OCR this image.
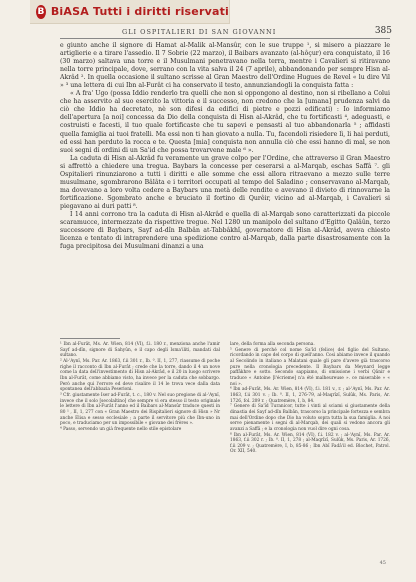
B BiASA Tutti i diritti riservati
GLI OSPITALIERI DI SAN GIOVANNI	385

e giunto anche il signore di Hamat al-Malik al-Mansûr, con le sue truppe ¹, si misero a piazzare le artiglierie e a tirare l'assedio. Il 7 Sobrie (22 marzo), il Baibars avanzato (al-hôçur) era conquistato, il 16 (30 marzo) saltava una torre e il Musulmani penetravano nella terra, mentre i Cavalieri si ritiravano nella torre principale, dove, serrano con la vita salva il 24 (7 aprile), abbandonando per sempre Hisn al-Akrâd ². In quella occasione il sultano scrisse al Gran Maestro dell'Ordine Hugues de Revel « lu dire Vil » ³ una lettera di cui Ibn al-Furât ci ha conservato il testo, annunziandogli la conquista fatta :

« A fra' Ugo (possa Iddio renderlo tra quelli che non si oppongono al destino, non si ribellano a Colui che ha asservito al suo esercito la vittoria e il successo, non credono che la [umana] prudenza salvi da ciò che Iddio ha decretato, nè son difesi da edifici di pietre e pozzi edificati) : Io informiamo dell'apertura [a noi] concessa da Dio della conquista di Hisn al-Akrâd, che tu fortificasti ⁴, adeguasti, e costruisti e facesti, il tuo quale fortificaste che tu sapevi e pensasti al tuo abbandonarla ⁵ ; affidasti quella famiglia ai tuoi fratelli. Ma essi non ti han giovato a nulla. Tu, facendoli risiedere lì, li hai perduti, ed essi han perduto la rocca e te. Questa [mia] conquista non annulla ciò che essi hanno di mal, se non suoi segni di ordini di un Sa'id che possa trovarvene male ⁶ ».

La caduta di Hisn al-Akrâd fu veramente un grave colpo per l'Ordine, che attraverso il Gran Maestro si affrettò a chiedere una tregua. Baybars la concesse per ceserarsi a al-Marqab, eschas Saffâ ⁷. gli Ospitalieri rinunziarono a tutti i diritti e alle somme che essi allora ritraevano a mezzo sulle terre musulmane, sgombrarono Bâlâta e i territori occupati al tempo del Saladino ; conservavano al-Marqab, ma dovevano a loro volta cedere a Baybars una metà delle rendite e avevano il divieto di rinnovarne la fortificazione. Sgombrato anche e bruciato il fortino di Qurêir, vicino ad al-Marqab, i Cavalieri si piegavano ai duri patti ⁸.

I 14 anni corrono tra la caduta di Hisn al-Akrâd e quella di al-Marqab sono caratterizzati da piccole scaramucce, intermezzate da rispettive tregue. Nel 1280 un manipolo del sultano d'Egitto Qalâûn, terzo successore di Baybars, Sayf ad-dîn Balbân at-Tabbâkhî, governatore di Hisn al-Akrâd, aveva chiesto licenza e tentato di intraprendere una spedizione contro al-Marqab, dalla parte disastrosamente con la fuga precipitosa dei Musulmani dinanzi a una

¹ Ibn al-Furât, Ms. Ar. Wien, 814 (VI), f.i. 180 r., menziona anche l'amir Sayf ad-dîn, signore di Sahyûn, e il capo degli Isma'iliti, mandati dal sultano.

² Al-'Aynî, Ms. Par. Ar. 1863, f.ii 301 r., Ib. ⁰. II, 1, 277, riassume di poche righe il racconto di Ibn al-Furât ; crede che la torre, dando il 4 un nove come la data dell'investimento di Hisn al-Akrâd, e il 20 in luogo scrivere Ibn al-Furât, come abbiamo visto, ha invece per la caduta che sobbargo. Però anche qui l'errore ed deve risalire il 14 le trova vece dalla data spontanea dell'abbazia Peserioni.

³ Cfr. giustamente Iser ad-Furât, t. c., 180 v. Nel suo pregione di al-'Aynî, invece che il solo [secolaltino] che sempre vi era stesso il testo originale le lettere di Ibn al-Furât l'anno ed il Baibars al-Mansûr traduce questi in 80 ¹ , II, 1, 277 con « Gran Maestro dei Rispitalieri signore di Hisn » Nr anche Elisa e sesso ecclesiale ; a parte il servitore più che Ibn-uno in poco, e traduciamo per un impossibile « giovane dei frères ».

⁴ Passo, servendo un già frequente nello stile epistolare

lare, della forma alla seconda persona.

⁵ Genere di perché col nome Sa'îd (felice) del figlio del Sultano, ricordando in capo del corpo di quell'anno. Cosi abiamo invece il quando al Secolindo in italiano a Malatani quale gli pare d'avere già trascorso pure nella cronologia precedente. Il Baybars da Meynard legge paffâkhre e sotto. Secondo sappiamo, di omissione i verbi Qânir e traduce « Antoine [l'écrieme] n'a été malheureuse ». ce miserable » « noi ».

⁶ Ibn ad-Furât, Ms. Ar. Wien, 814 (VI), f.i. 181 v., r. ; al-'Aynî, Ms. Par. Ar. 1863, f.ii 301 v. ; Ib. ⁰. II, 1, 276-79, al-Maqrîzî, Sulûk, Ms. Paris, Ar. 1726, fol. 209 r. ; Quatremère, I, b, 84.

⁷ Genere di Sa'îd Turanicor, tutte i vinti al sciami si giustamente della dinastia dei Sayf ad-dîn Balbân, trascorso la principale fortezza e sembra mai dell'Ordine dopo che Dio ha voluto sopra tutta la sua famiglia. A noi serve pienamente i segni di al-Marqab, dei quali si vedono ancora gli avanzi a Saffâ ; e la cronologia non vuol dire ogni cosa.

⁸ Ibn al-Furât, Ms. Ar. Wien, 814 (VI), f.i. 182 v. ; al-'Aynî, Ms. Par. Ar. 1863, f.ii 302 r. ; Ib. ⁰. II, 1, 278 ; al-Maqrîzî, Sulûk, Ms. Paris, Ar. 1726, f.ii 209 v. ; Quatremère, I, b, 85-86 ; Ibn Abî Fadâ'il ed. Blochet, Patrol. Or. XII, 540.

45
